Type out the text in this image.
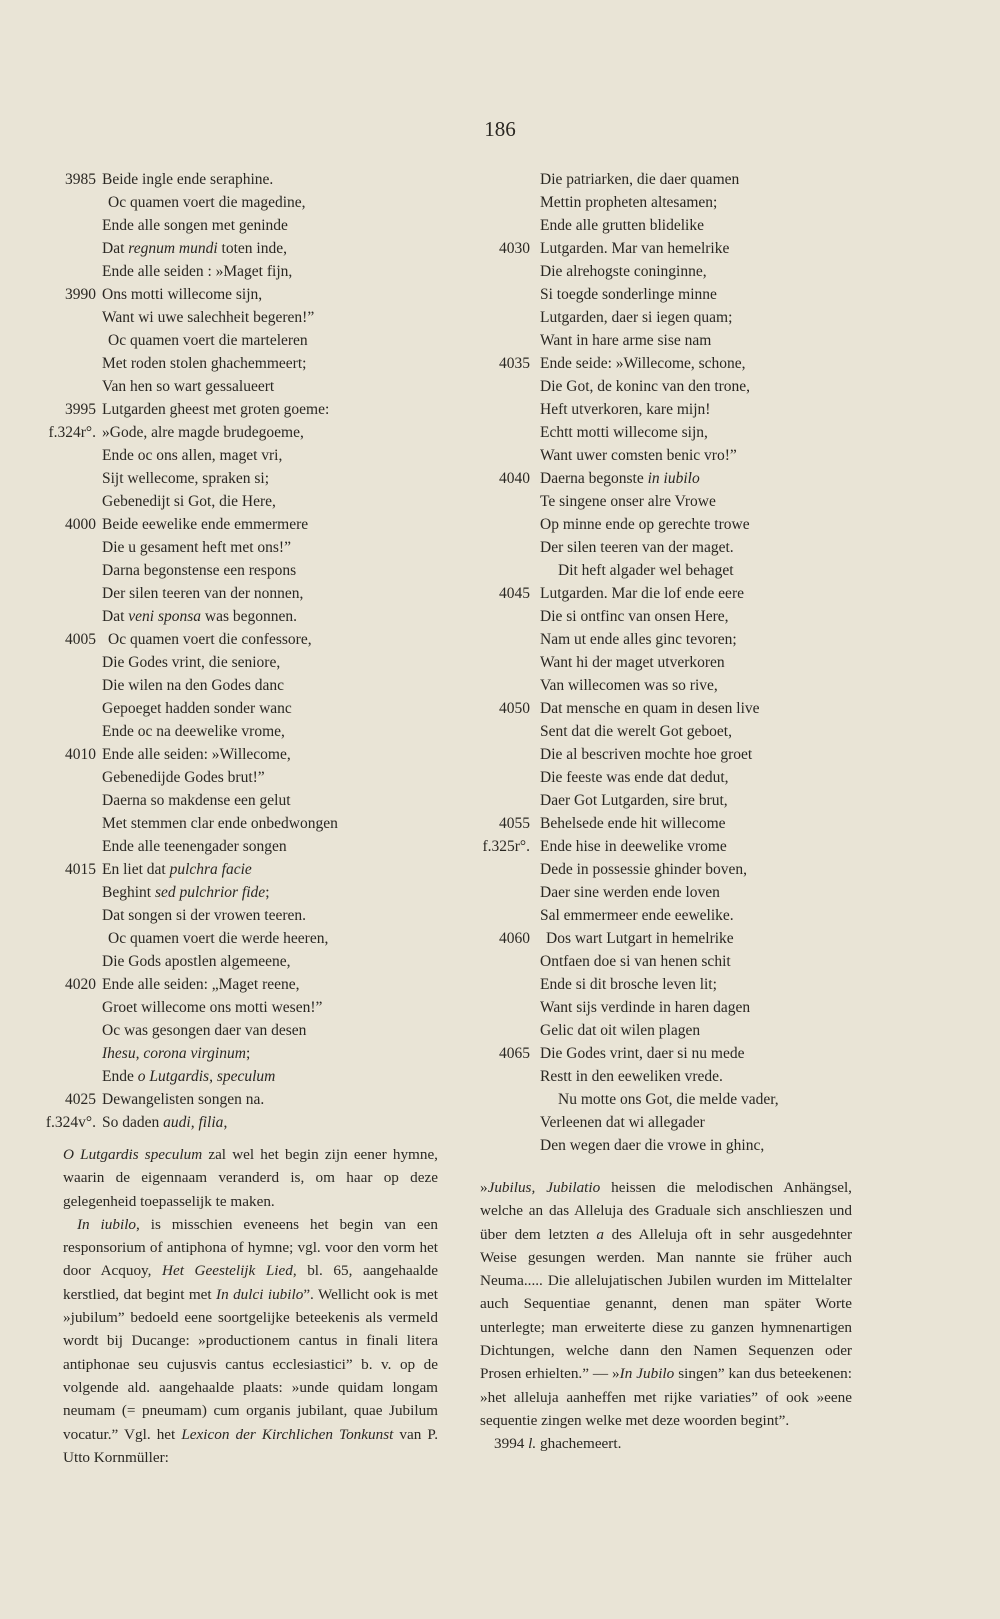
186
3985 Beide ingle ende seraphine.
Oc quamen voert die magedine,
Ende alle songen met geninde
Dat regnum mundi toten inde,
Ende alle seiden : »Maget fijn,
3990 Ons motti willecome sijn,
Want wi uwe salechheit begeren!”
Oc quamen voert die marteleren
Met roden stolen ghachemmeert;
Van hen so wart gessalueert
3995 Lutgarden gheest met groten goeme:
f.324r°. »Gode, alre magde brudegoeme,
Ende oc ons allen, maget vri,
Sijt wellecome, spraken si;
Gebenedijt si Got, die Here,
4000 Beide eewelike ende emmermere
Die u gesament heft met ons!”
Darna begonstense een respons
Der silen teeren van der nonnen,
Dat veni sponsa was begonnen.
4005 Oc quamen voert die confessore,
Die Godes vrint, die seniore,
Die wilen na den Godes danc
Gepoeget hadden sonder wanc
Ende oc na deewelike vrome,
4010 Ende alle seiden: »Willecome,
Gebenedijde Godes brut!”
Daerna so makdense een gelut
Met stemmen clar ende onbedwongen
Ende alle teenengader songen
4015 En liet dat pulchra facie
Beghint sed pulchrior fide;
Dat songen si der vrowen teeren.
Oc quamen voert die werde heeren,
Die Gods apostlen algemeene,
4020 Ende alle seiden: „Maget reene,
Groet willecome ons motti wesen!”
Oc was gesongen daer van desen
Ihesu, corona virginum;
Ende o Lutgardis, speculum
4025 Dewangelisten songen na.
f.324v°. So daden audi, filia,
Die patriarken, die daer quamen
Mettin propheten altesamen;
Ende alle grutten blidelike
4030 Lutgarden. Mar van hemelrike
Die alrehogste coninginne,
Si toegde sonderlinge minne
Lutgarden, daer si iegen quam;
Want in hare arme sise nam
4035 Ende seide: »Willecome, schone,
Die Got, de koninc van den trone,
Heft utverkoren, kare mijn!
Echtt motti willecome sijn,
Want uwer comsten benic vro!”
4040 Daerna begonste in iubilo
Te singene onser alre Vrowe
Op minne ende op gerechte trowe
Der silen teeren van der maget.
Dit heft algader wel behaget
4045 Lutgarden. Mar die lof ende eere
Die si ontfinc van onsen Here,
Nam ut ende alles ginc tevoren;
Want hi der maget utverkoren
Van willecomen was so rive,
4050 Dat mensche en quam in desen live
Sent dat die werelt Got geboet,
Die al bescriven mochte hoe groet
Die feeste was ende dat dedut,
Daer Got Lutgarden, sire brut,
4055 Behelsede ende hit willecome
f.325r°. Ende hise in deewelike vrome
Dede in possessie ghinder boven,
Daer sine werden ende loven
Sal emmermeer ende eewelike.
4060	Dos wart Lutgart in hemelrike
Ontfaen doe si van henen schit
Ende si dit brosche leven lit;
Want sijs verdinde in haren dagen
Gelic dat oit wilen plagen
4065 Die Godes vrint, daer si nu mede
Restt in den eeweliken vrede.
Nu motte ons Got, die melde vader,
Verleenen dat wi allegader
Den wegen daer die vrowe in ghinc,

O Lutgardis speculum zal wel het begin zijn eener hymne, waarin de eigennaam veranderd is, om haar op deze gelegenheid toepasselijk te maken.

In iubilo, is misschien eveneens het begin van een responsorium of antiphona of hymne; vgl. voor den vorm het door Acquoy, Het Geestelijk Lied, bl. 65, aangehaalde kerstlied, dat begint met In dulci iubilo”. Wellicht ook is met »jubilum” bedoeld eene soortgelijke beteekenis als vermeld wordt bij Ducange: »productionem cantus in finali litera antiphonae seu cujusvis cantus ecclesiastici” b. v. op de volgende ald. aangehaalde plaats: »unde quidam longam neumam (= pneumam) cum organis jubilant, quae Jubilum vocatur.” Vgl. het Lexicon der Kirchlichen Tonkunst van P. Utto Kornmüller:

»Jubilus, Jubilatio heissen die melodischen Anhängsel, welche an das Alleluja des Graduale sich anschlieszen und über dem letzten a des Alleluja oft in sehr ausgedehnter Weise gesungen werden. Man nannte sie früher auch Neuma..... Die allelujatischen Jubilen wurden im Mittelalter auch Sequentiae genannt, denen man später Worte unterlegte; man erweiterte diese zu ganzen hymnenartigen Dichtungen, welche dann den Namen Sequenzen oder Prosen erhielten.” — »In Jubilo singen” kan dus beteekenen: »het alleluja aanheffen met rijke variaties” of ook »eene sequentie zingen welke met deze woorden begint”.

3994 l. ghachemeert.
